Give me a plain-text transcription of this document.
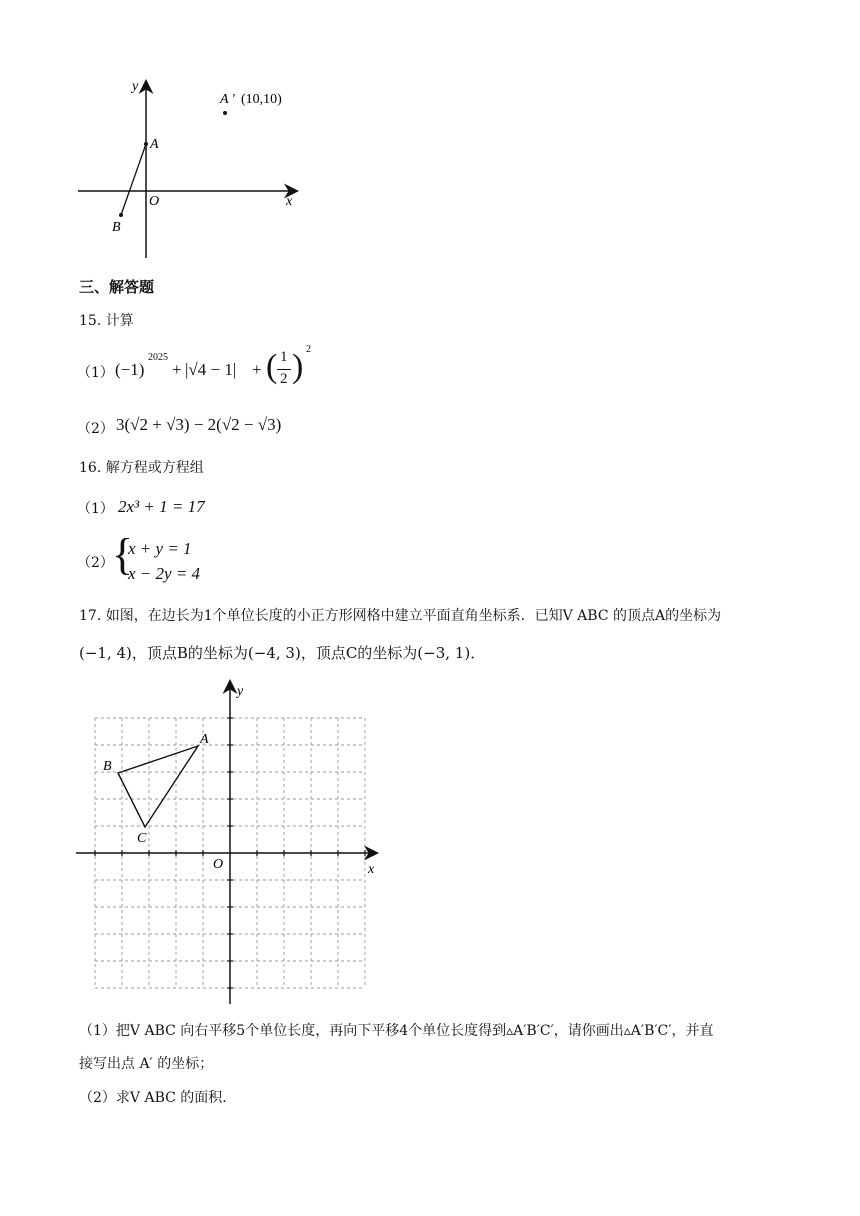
y
x
O
A
B
A ′ (10,10)
三、解答题
15. 计算
（1） (−1)
2025
+ |√4 − 1| + ( 1
2 ) 2
（2） 3(√2 + √3) − 2(√2 − √3)
16. 解方程或方程组
（1） 2x³ + 1 = 17
（2）
{
x + y = 1
x − 2y = 4
17. 如图，在边长为1个单位长度的小正方形网格中建立平面直角坐标系．已知V ABC 的顶点A的坐标为
(−1, 4)，顶点B的坐标为(−4, 3)，顶点C的坐标为(−3, 1)．
y
x
O
A
B
C
（1）把V ABC 向右平移5个单位长度，再向下平移4个单位长度得到▵A′B′C′，请你画出▵A′B′C′，并直
接写出点 A′ 的坐标；
（2）求V ABC 的面积.
